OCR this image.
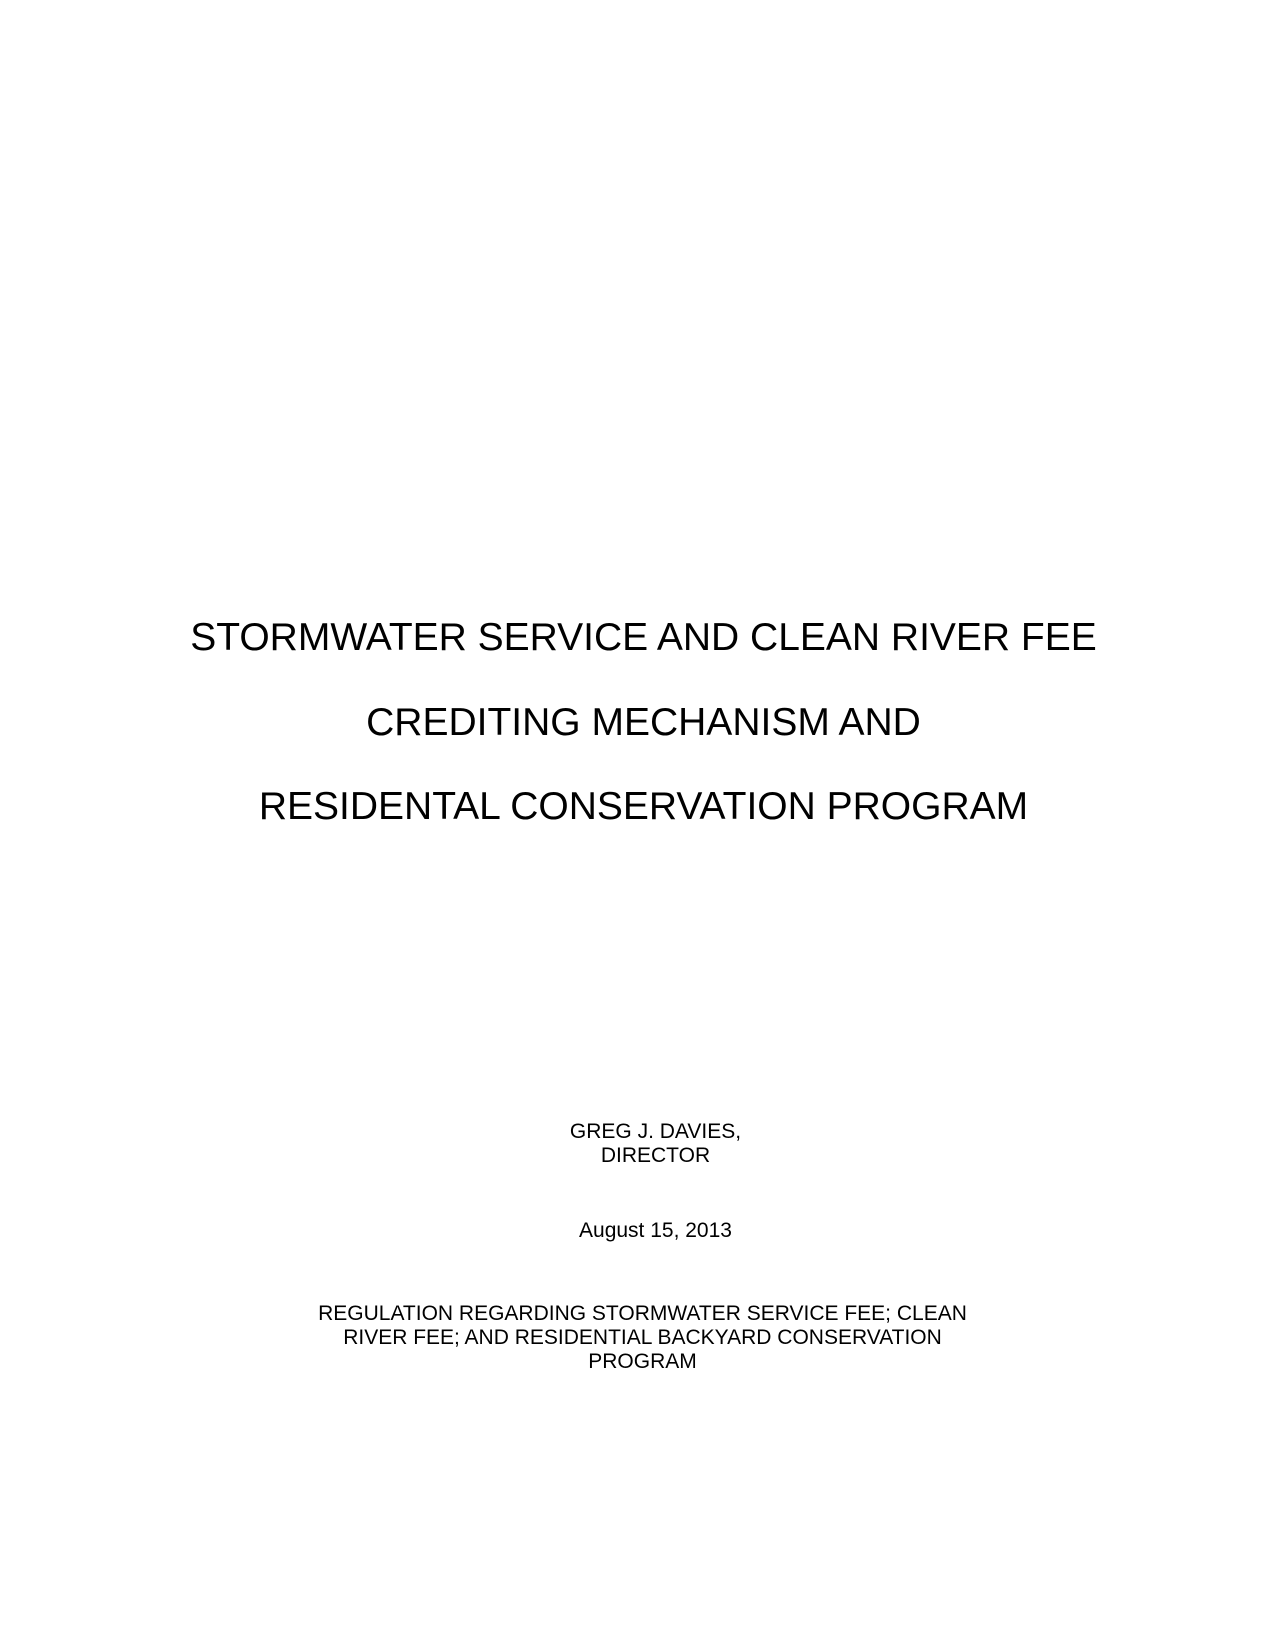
STORMWATER SERVICE AND CLEAN RIVER FEE
CREDITING MECHANISM AND
RESIDENTAL CONSERVATION PROGRAM
GREG J. DAVIES,
DIRECTOR
August 15, 2013
REGULATION REGARDING STORMWATER SERVICE FEE; CLEAN
RIVER FEE; AND RESIDENTIAL BACKYARD CONSERVATION
PROGRAM
